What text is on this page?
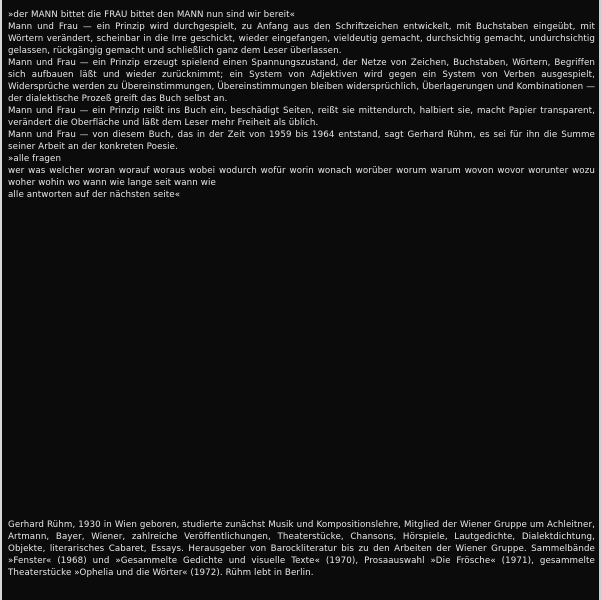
»der MANN bittet die FRAU bittet den MANN nun sind wir bereit«

Mann und Frau — ein Prinzip wird durchgespielt, zu Anfang aus den Schriftzeichen entwickelt, mit Buchstaben eingeübt, mit Wörtern verändert, scheinbar in die Irre geschickt, wieder eingefangen, vieldeutig gemacht, durchsichtig gemacht, undurchsichtig gelassen, rückgängig gemacht und schließlich ganz dem Leser überlassen.

Mann und Frau — ein Prinzip erzeugt spielend einen Spannungszustand, der Netze von Zeichen, Buchstaben, Wörtern, Begriffen sich aufbauen läßt und wieder zurücknimmt; ein System von Adjektiven wird gegen ein System von Verben ausgespielt, Widersprüche werden zu Übereinstimmungen, Übereinstimmungen bleiben widersprüchlich, Überlagerungen und Kombinationen — der dialektische Prozeß greift das Buch selbst an.

Mann und Frau — ein Prinzip reißt ins Buch ein, beschädigt Seiten, reißt sie mittendurch, halbiert sie, macht Papier transparent, verändert die Oberfläche und läßt dem Leser mehr Freiheit als üblich.

Mann und Frau — von diesem Buch, das in der Zeit von 1959 bis 1964 entstand, sagt Gerhard Rühm, es sei für ihn die Summe seiner Arbeit an der konkreten Poesie.

»alle fragen

wer was welcher woran worauf woraus wobei wodurch wofür worin wonach worüber worum warum wovon wovor worunter wozu woher wohin wo wann wie lange seit wann wie

alle antworten auf der nächsten seite«

Gerhard Rühm, 1930 in Wien geboren, studierte zunächst Musik und Kompositionslehre, Mitglied der Wiener Gruppe um Achleitner, Artmann, Bayer, Wiener, zahlreiche Veröffentlichungen, Theaterstücke, Chansons, Hörspiele, Lautgedichte, Dialektdichtung, Objekte, literarisches Cabaret, Essays. Herausgeber von Barockliteratur bis zu den Arbeiten der Wiener Gruppe. Sammelbände »Fenster« (1968) und »Gesammelte Gedichte und visuelle Texte« (1970), Prosaauswahl »Die Frösche« (1971), gesammelte Theaterstücke »Ophelia und die Wörter« (1972). Rühm lebt in Berlin.
